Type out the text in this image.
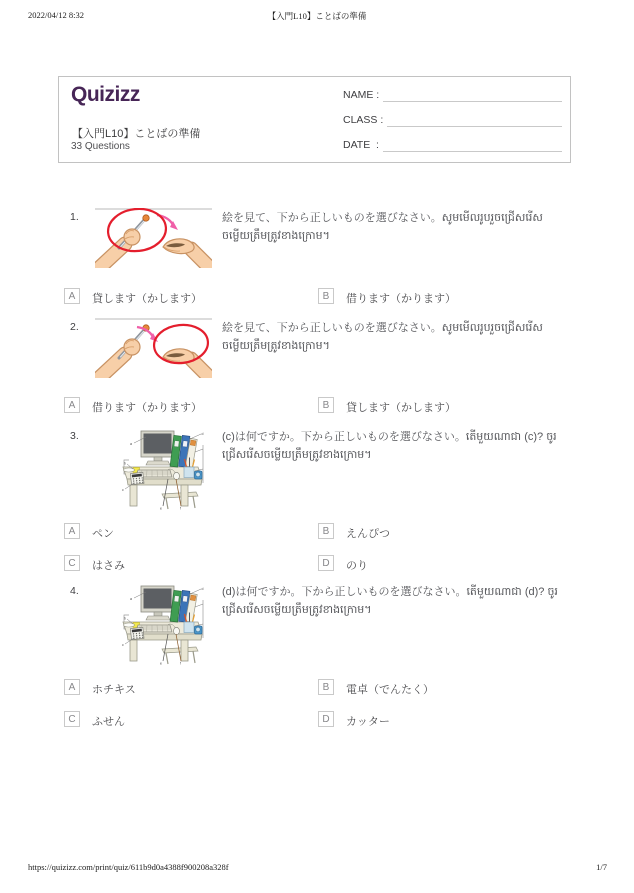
2022/04/12 8:32	【入門L10】ことばの準備
Quizizz
【入門L10】ことばの準備
33 Questions
NAME :
CLASS :
DATE  :
1.	絵を見て、下から正しいものを選びなさい。សូមមើលរូបរួចជ្រើសរើសចម្លើយត្រឹមត្រូវខាងក្រោម។
A	貸します（かします）	B	借ります（かります）
2.	絵を見て、下から正しいものを選びなさい。សូមមើលរូបរួចជ្រើសរើសចម្លើយត្រឹមត្រូវខាងក្រោម។
A	借ります（かります）	B	貸します（かします）
3.	(c)は何ですか。下から正しいものを選びなさい。តើមួយណាជា (c)? ចូរជ្រើសរើសចម្លើយត្រឹមត្រូវខាងក្រោម។
A	ペン	B	えんぴつ
C	はさみ	D	のり
4.	(d)は何ですか。下から正しいものを選びなさい。តើមួយណាជា (d)? ចូរជ្រើសរើសចម្លើយត្រឹមត្រូវខាងក្រោម។
A	ホチキス	B	電卓（でんたく）
C	ふせん	D	カッター
https://quizizz.com/print/quiz/611b9d0a4388f900208a328f	1/7
